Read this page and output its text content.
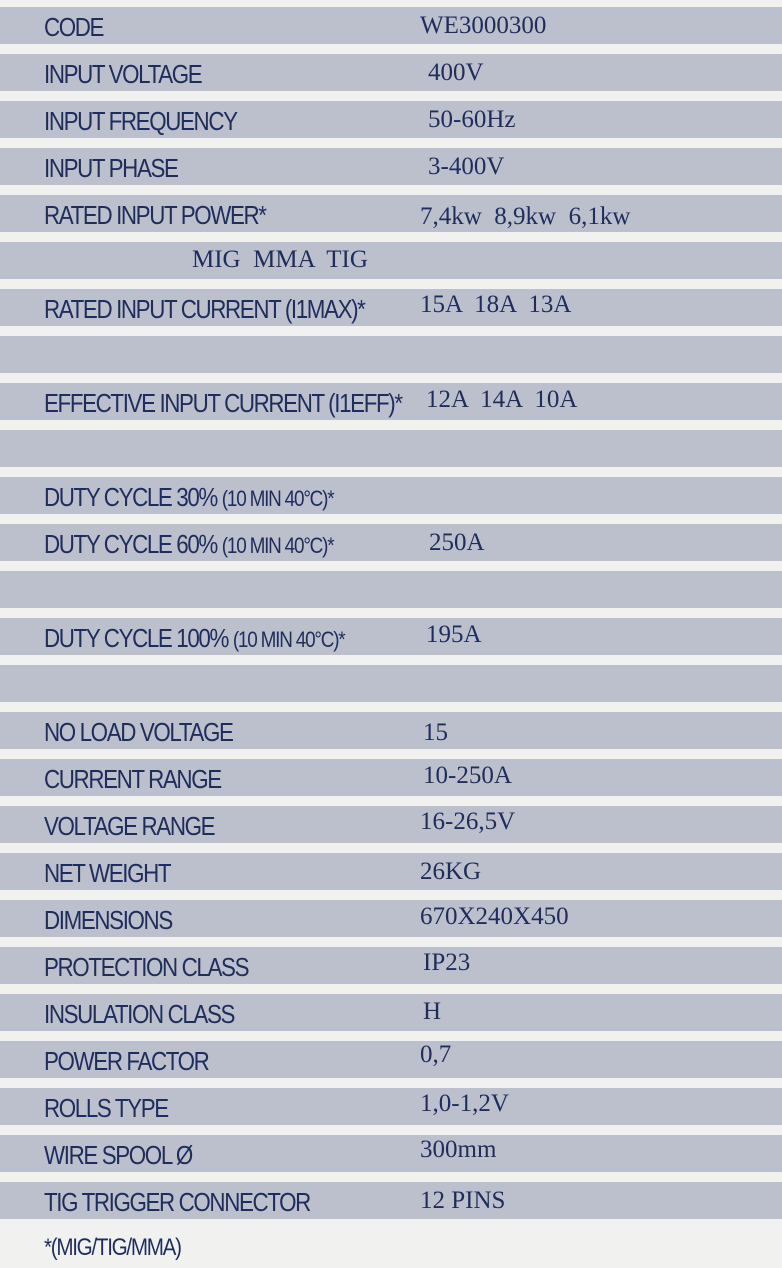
CODE	WE3000300
INPUT VOLTAGE	400V
INPUT FREQUENCY	50-60Hz
INPUT PHASE	3-400V
RATED INPUT POWER*	7,4kw  8,9kw  6,1kw
MIG  MMA  TIG
RATED INPUT CURRENT (I1MAX)* 15A  18A  13A
EFFECTIVE INPUT CURRENT (I1EFF)* 12A  14A  10A
DUTY CYCLE 30% (10 MIN 40°C)*
DUTY CYCLE 60% (10 MIN 40°C)*	250A
DUTY CYCLE 100% (10 MIN 40°C)*	195A
NO LOAD VOLTAGE	15
CURRENT RANGE	10-250A
VOLTAGE RANGE	16-26,5V
NET WEIGHT	26KG
DIMENSIONS	670X240X450
PROTECTION CLASS	IP23
INSULATION CLASS	H
POWER FACTOR	0,7
ROLLS TYPE	1,0-1,2V
WIRE SPOOL Ø	300mm
TIG TRIGGER CONNECTOR	12 PINS
*(MIG/TIG/MMA)
